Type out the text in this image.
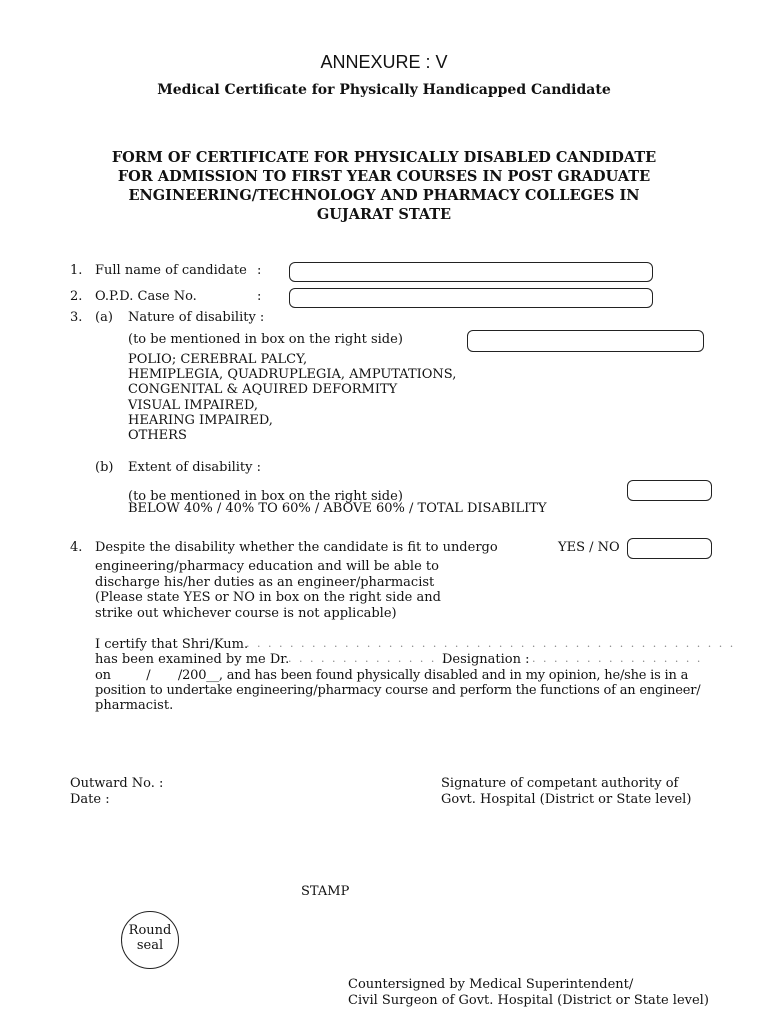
ANNEXURE : V
Medical Certificate for Physically Handicapped Candidate
FORM OF CERTIFICATE FOR PHYSICALLY DISABLED CANDIDATE
FOR ADMISSION TO FIRST YEAR COURSES IN POST GRADUATE
ENGINEERING/TECHNOLOGY AND PHARMACY COLLEGES IN
GUJARAT STATE
1. Full name of candidate :
2. O.P.D. Case No.	:
3. (a) Nature of disability :
(to be mentioned in box on the right side)
POLIO; CEREBRAL PALCY,
HEMIPLEGIA, QUADRUPLEGIA, AMPUTATIONS,
CONGENITAL & AQUIRED DEFORMITY
VISUAL IMPAIRED,
HEARING IMPAIRED,
OTHERS
(b) Extent of disability :
(to be mentioned in box on the right side)
BELOW 40% / 40% TO 60% / ABOVE 60% / TOTAL DISABILITY
4. Despite the disability whether the candidate is fit to undergo
engineering/pharmacy education and will be able to
discharge his/her duties as an engineer/pharmacist
(Please state YES or NO in box on the right side and
strike out whichever course is not applicable)
YES / NO
I certify that Shri/Kum.
. . . . . . . . . . . . . . . . . . . . . . . . . . . . . . . . . . . . . . . . . . . . .
has been examined by me Dr.
. . . . . . . . . . . . . . .
Designation : . . . . . . . . . . . . . . . .
on         /       /200__, and has been found physically disabled and in my opinion, he/she is in a
position to undertake engineering/pharmacy course and perform the functions of an engineer/
pharmacist.
Outward No. :
Date :
Signature of competant authority of
Govt. Hospital (District or State level)
STAMP
Round
seal
Countersigned by Medical Superintendent/
Civil Surgeon of Govt. Hospital (District or State level)
